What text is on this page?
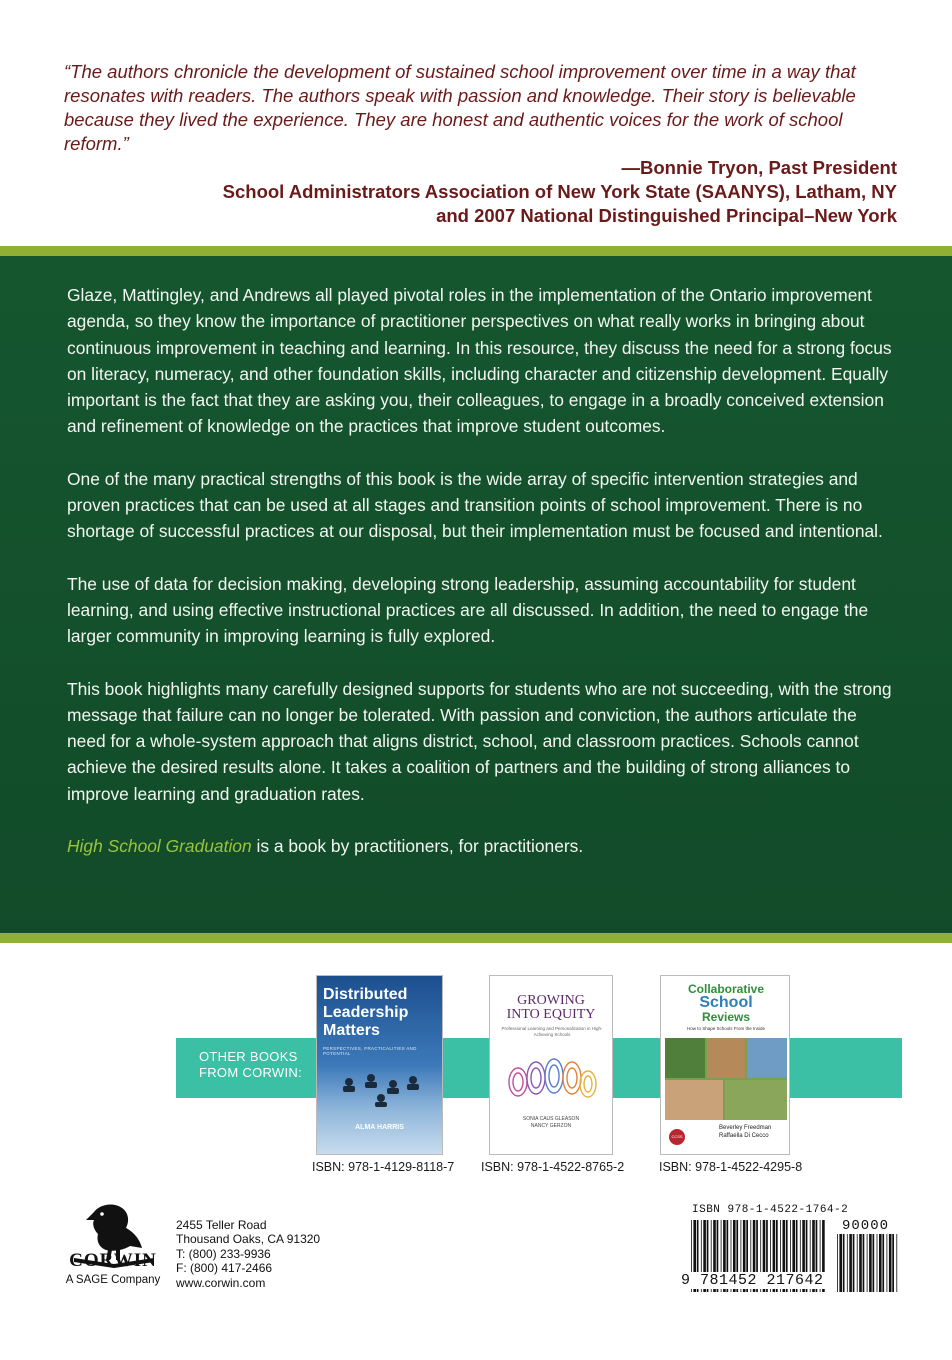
“The authors chronicle the development of sustained school improvement over time in a way that resonates with readers. The authors speak with passion and knowledge. Their story is believable because they lived the experience. They are honest and authentic voices for the work of school reform.”

—Bonnie Tryon, Past President
School Administrators Association of New York State (SAANYS), Latham, NY
and 2007 National Distinguished Principal–New York

Glaze, Mattingley, and Andrews all played pivotal roles in the implementation of the Ontario improvement agenda, so they know the importance of practitioner perspectives on what really works in bringing about continuous improvement in teaching and learning. In this resource, they discuss the need for a strong focus on literacy, numeracy, and other foundation skills, including character and citizenship development. Equally important is the fact that they are asking you, their colleagues, to engage in a broadly conceived extension and refinement of knowledge on the practices that improve student outcomes.

One of the many practical strengths of this book is the wide array of specific intervention strategies and proven practices that can be used at all stages and transition points of school improvement. There is no shortage of successful practices at our disposal, but their implementation must be focused and intentional.

The use of data for decision making, developing strong leadership, assuming accountability for student learning, and using effective instructional practices are all discussed. In addition, the need to engage the larger community in improving learning is fully explored.

This book highlights many carefully designed supports for students who are not succeeding, with the strong message that failure can no longer be tolerated. With passion and conviction, the authors articulate the need for a whole-system approach that aligns district, school, and classroom practices. Schools cannot achieve the desired results alone. It takes a coalition of partners and the building of strong alliances to improve learning and graduation rates.

High School Graduation is a book by practitioners, for practitioners.

OTHER BOOKS
FROM CORWIN:
Distributed
Leadership
Matters
PERSPECTIVES, PRACTICALITIES AND POTENTIAL
ALMA HARRIS
GROWING
INTO EQUITY
Professional Learning and Personalization in High-Achieving Schools
SONIA CAUS GLEASON
NANCY GERZON
Collaborative
School
Reviews
How to Shape Schools From the Inside
CCSS
Beverley Freedman
Raffaella Di Cecco
ISBN: 978-1-4129-8118-7 ISBN: 978-1-4522-8765-2	ISBN: 978-1-4522-4295-8
CORWIN
A SAGE Company
2455 Teller Road
Thousand Oaks, CA 91320
T: (800) 233-9936
F: (800) 417-2466
www.corwin.com
ISBN 978-1-4522-1764-2
90000
9 781452 217642
